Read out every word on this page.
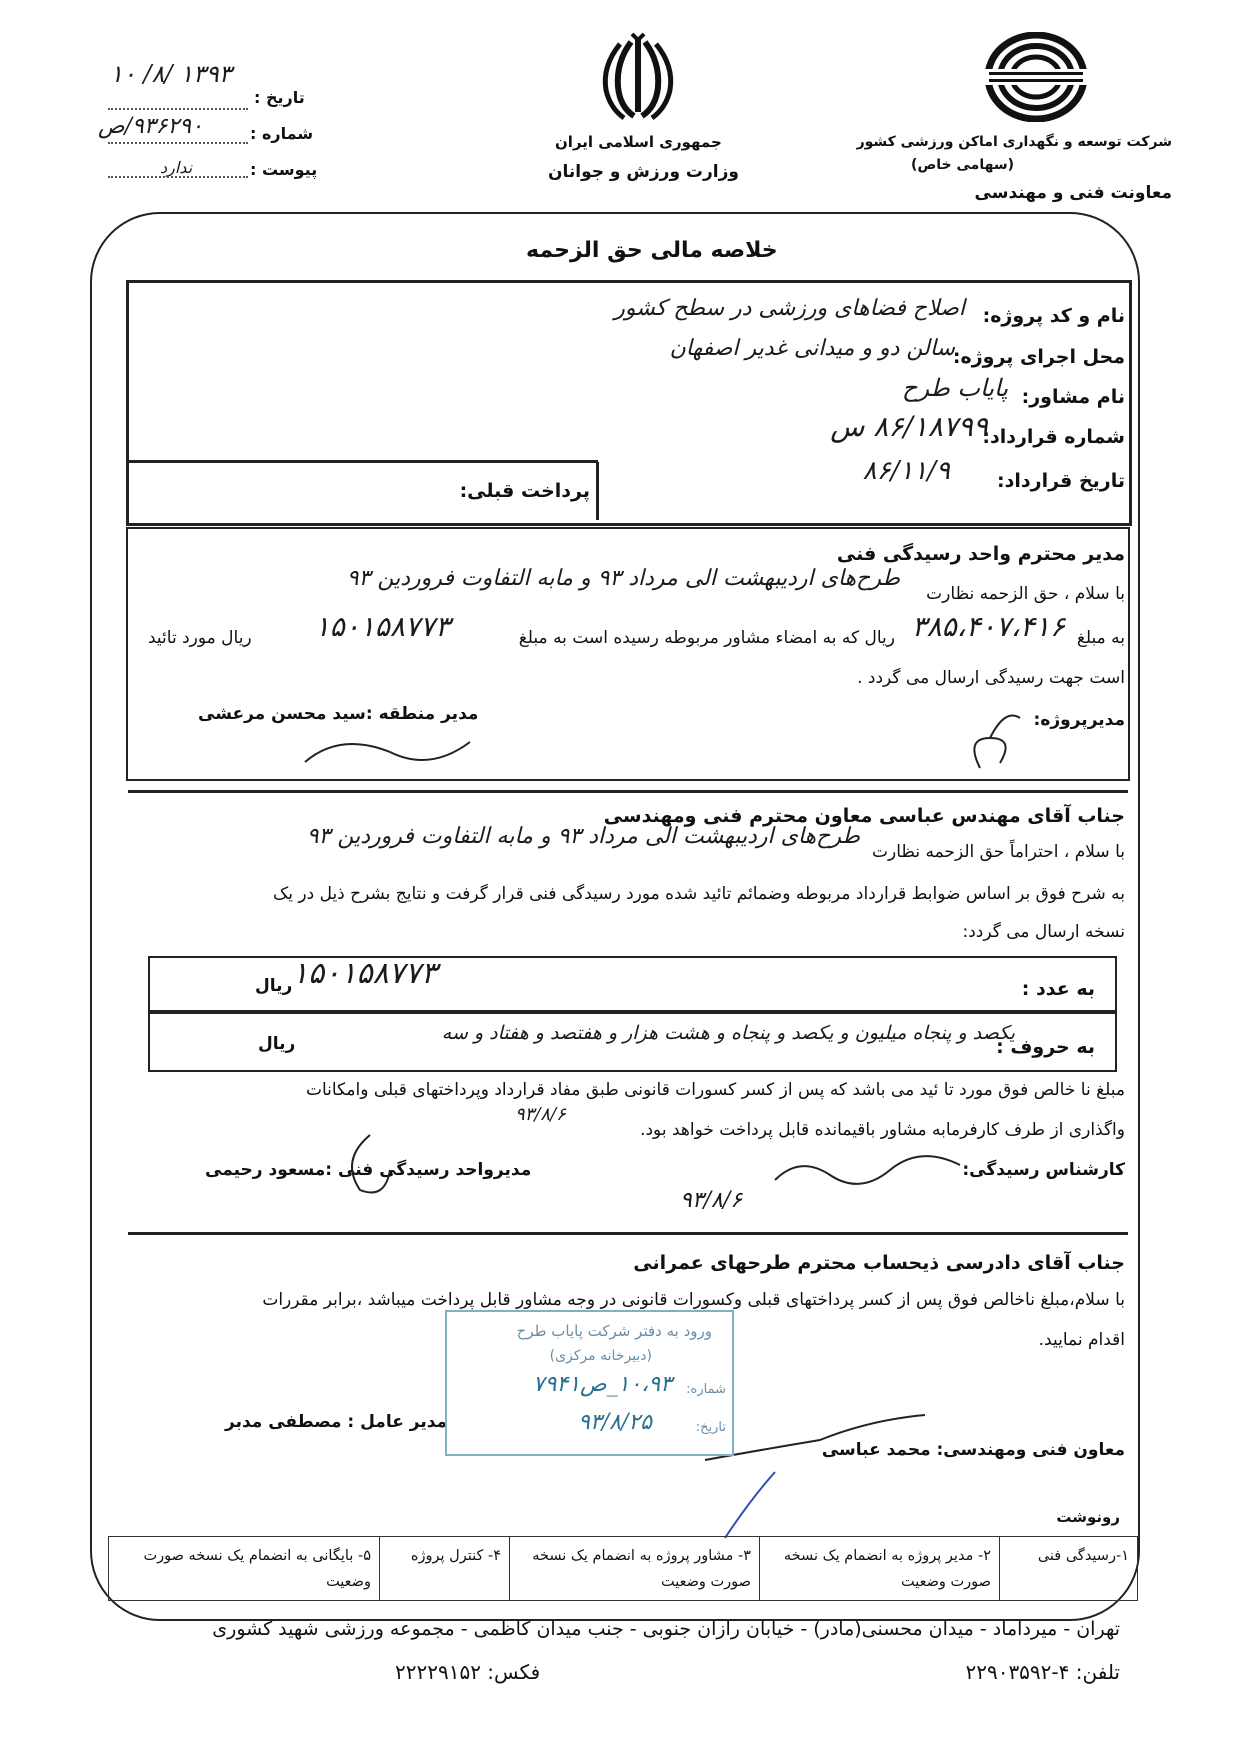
شرکت توسعه و نگهداری اماکن ورزشی کشور
(سهامی خاص)
معاونت فنی و مهندسی
جمهوری اسلامی ایران
وزارت ورزش و جوانان
تاریخ :
۱۳۹۳ /۸/ ۱۰
شماره :
۹۳۶۲۹۰/ص
پیوست :
ندارد
خلاصه مالی حق الزحمه
نام و کد پروژه:
اصلاح فضاهای ورزشی در سطح کشور
محل اجرای پروژه:
سالن دو و میدانی غدیر اصفهان
نام مشاور:
پایاب طرح
شماره قرارداد:
۸۶/۱۸۷۹۹ س
تاریخ قرارداد:
۸۶/۱۱/۹
پرداخت قبلی:
مدیر محترم واحد رسیدگی فنی
با سلام ، حق الزحمه نظارت
طرح‌های اردیبهشت الی مرداد ۹۳ و مابه التفاوت فروردین ۹۳
به مبلغ
۳۸۵،۴۰۷،۴۱۶
ریال که به امضاء مشاور مربوطه رسیده است به مبلغ
۱۵۰۱۵۸۷۷۳
ریال مورد تائید
است جهت رسیدگی ارسال می گردد .
مدیر منطقه :سید محسن مرعشی	مدیرپروژه:
جناب آقای مهندس عباسی معاون محترم فنی ومهندسی
با سلام ، احتراماً حق الزحمه نظارت
طرح‌های اردیبهشت الی مرداد ۹۳ و مابه التفاوت فروردین ۹۳
به شرح فوق بر اساس ضوابط قرارداد مربوطه وضمائم تائید شده مورد رسیدگی فنی قرار گرفت و نتایج بشرح ذیل در یک
نسخه ارسال می گردد:
به عدد :
۱۵۰۱۵۸۷۷۳
ریال
به حروف :
یکصد و پنجاه میلیون و یکصد و پنجاه و هشت هزار و هفتصد و هفتاد و سه
ریال
مبلغ نا خالص فوق مورد تا ئید می باشد که پس از کسر کسورات قانونی طبق مفاد قرارداد وپرداختهای قبلی وامکانات
واگذاری از طرف کارفرمابه مشاور باقیمانده قابل پرداخت خواهد بود.
۹۳/۸/۶
کارشناس رسیدگی:
مدیرواحد رسیدگی فنی :مسعود رحیمی
۹۳/۸/۶
جناب آقای دادرسی ذیحساب محترم طرحهای عمرانی
با سلام،مبلغ ناخالص فوق پس از کسر پرداختهای قبلی وکسورات قانونی در وجه مشاور قابل پرداخت میباشد ،برابر مقررات
اقدام نمایید.
معاون فنی ومهندسی: محمد عباسی
مدیر عامل : مصطفی مدبر
ورود به دفتر شرکت پایاب طرح
(دبیرخانه مرکزی)
شماره:
۱۰،۹۳_ص۷۹۴۱
تاریخ:
۹۳/۸/۲۵
رونوشت
۱-رسیدگی فنی
۲- مدیر پروژه به انضمام یک نسخه صورت وضعیت
۳- مشاور پروژه به انضمام یک نسخه صورت وضعیت
۴- کنترل پروژه
۵- بایگانی به انضمام یک نسخه صورت وضعیت
تهران - میرداماد - میدان محسنی(مادر) - خیابان رازان جنوبی - جنب میدان کاظمی - مجموعه ورزشی شهید کشوری
تلفن: ۴-۲۲۹۰۳۵۹۲
فکس: ۲۲۲۲۹۱۵۲
